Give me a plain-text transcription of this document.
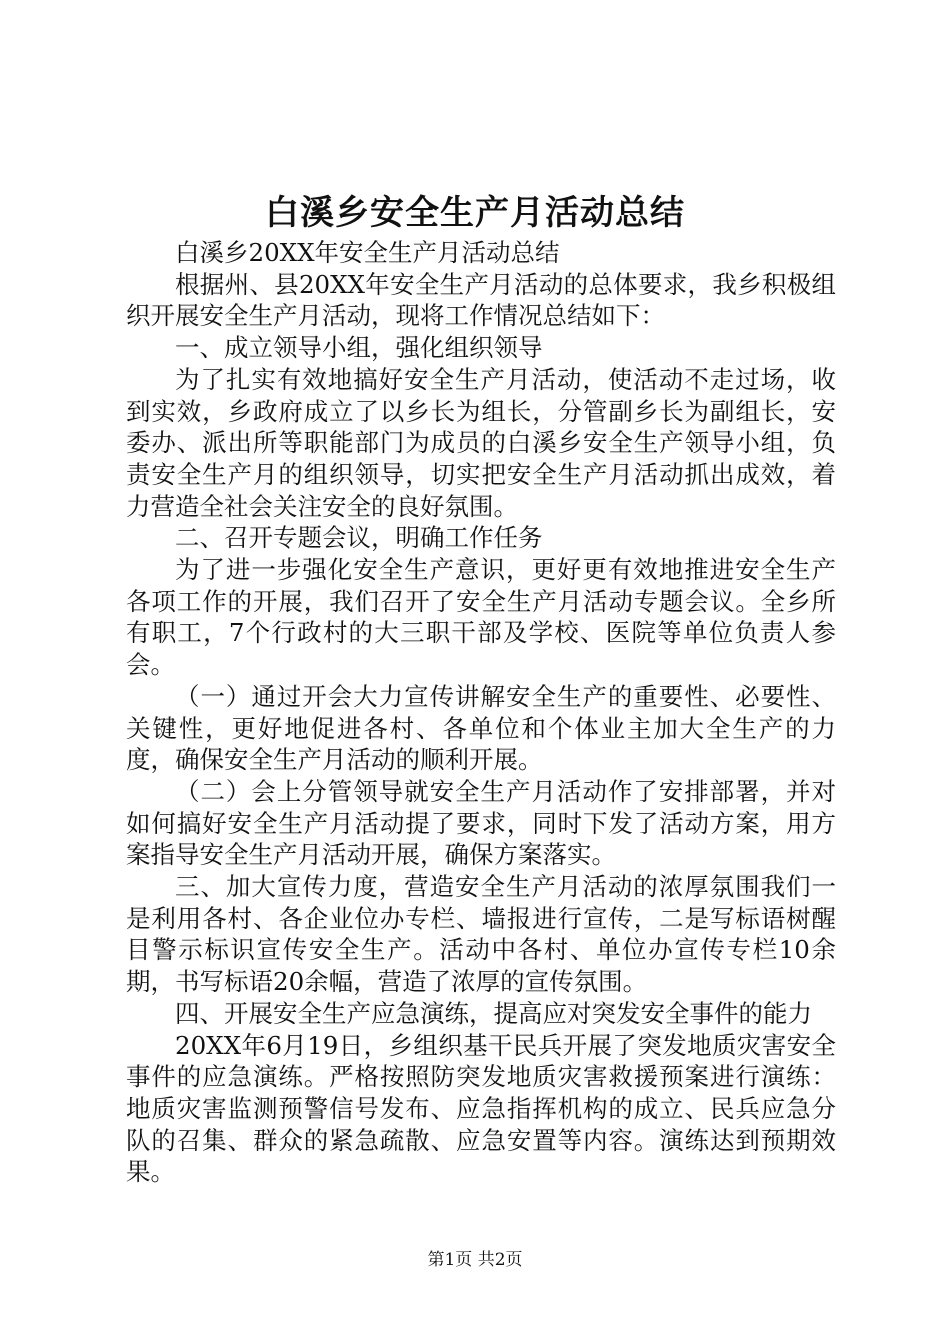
白溪乡安全生产月活动总结

白溪乡20XX年安全生产月活动总结

根据州、县20XX年安全生产月活动的总体要求，我乡积极组织开展安全生产月活动，现将工作情况总结如下：

一、成立领导小组，强化组织领导

为了扎实有效地搞好安全生产月活动，使活动不走过场，收到实效，乡政府成立了以乡长为组长，分管副乡长为副组长，安委办、派出所等职能部门为成员的白溪乡安全生产领导小组，负责安全生产月的组织领导，切实把安全生产月活动抓出成效，着力营造全社会关注安全的良好氛围。

二、召开专题会议，明确工作任务

为了进一步强化安全生产意识，更好更有效地推进安全生产各项工作的开展，我们召开了安全生产月活动专题会议。全乡所有职工，7个行政村的大三职干部及学校、医院等单位负责人参会。

（一）通过开会大力宣传讲解安全生产的重要性、必要性、关键性，更好地促进各村、各单位和个体业主加大全生产的力度，确保安全生产月活动的顺利开展。

（二）会上分管领导就安全生产月活动作了安排部署，并对如何搞好安全生产月活动提了要求，同时下发了活动方案，用方案指导安全生产月活动开展，确保方案落实。

三、加大宣传力度，营造安全生产月活动的浓厚氛围我们一是利用各村、各企业位办专栏、墙报进行宣传，二是写标语树醒目警示标识宣传安全生产。活动中各村、单位办宣传专栏10余期，书写标语20余幅，营造了浓厚的宣传氛围。

四、开展安全生产应急演练，提高应对突发安全事件的能力

20XX年6月19日，乡组织基干民兵开展了突发地质灾害安全事件的应急演练。严格按照防突发地质灾害救援预案进行演练：地质灾害监测预警信号发布、应急指挥机构的成立、民兵应急分队的召集、群众的紧急疏散、应急安置等内容。演练达到预期效果。

第1页 共2页
